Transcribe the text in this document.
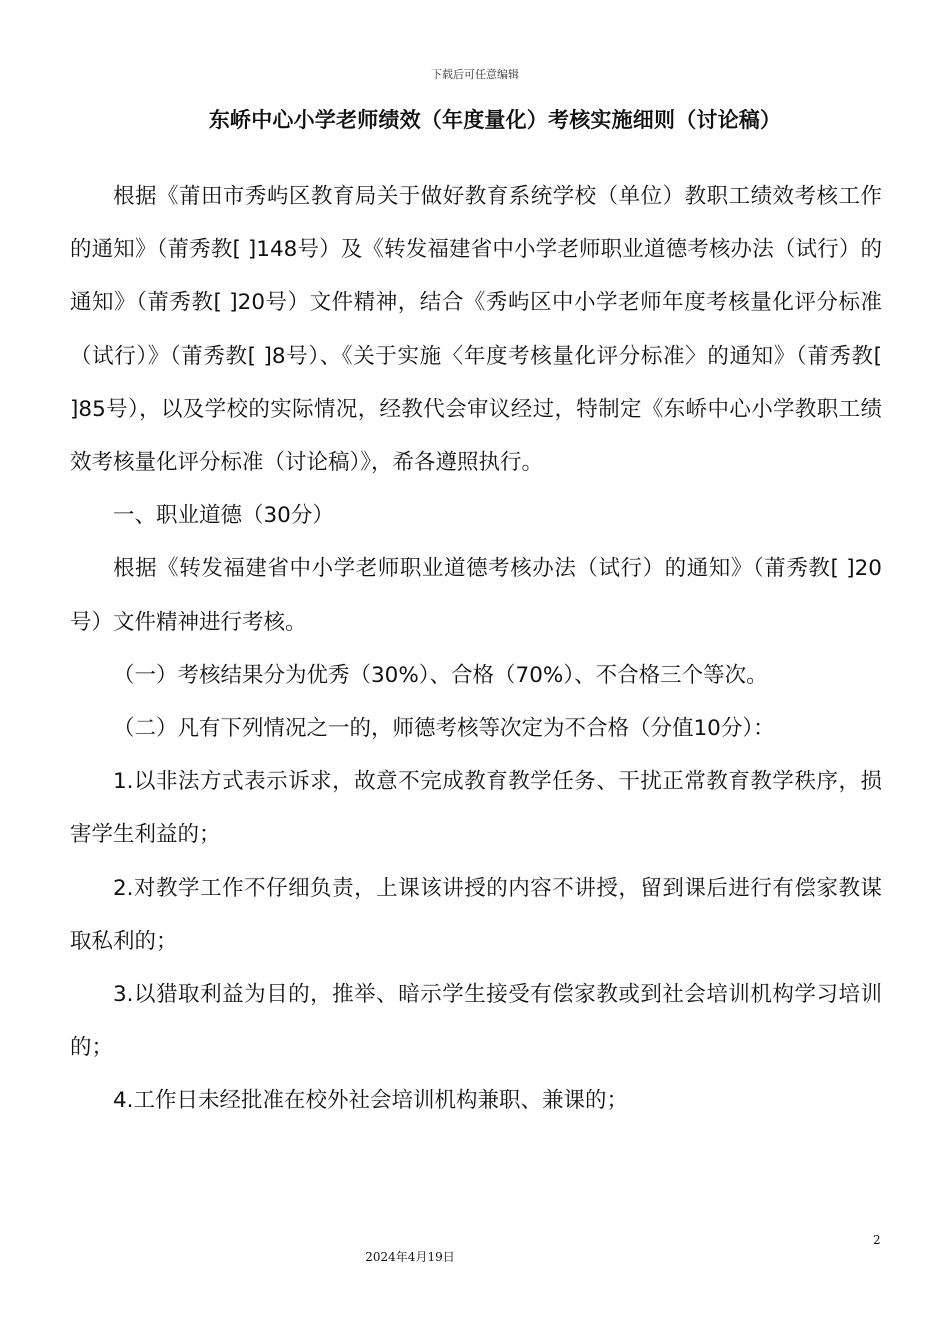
下载后可任意编辑
东峤中心小学老师绩效（年度量化）考核实施细则（讨论稿）

根据《莆田市秀屿区教育局关于做好教育系统学校（单位）教职工绩效考核工作的通知》（莆秀教[ ]148号）及《转发福建省中小学老师职业道德考核办法（试行）的通知》（莆秀教[ ]20号）文件精神，结合《秀屿区中小学老师年度考核量化评分标准（试行）》（莆秀教[ ]8号）、《关于实施〈年度考核量化评分标准〉的通知》（莆秀教[ ]85号），以及学校的实际情况，经教代会审议经过，特制定《东峤中心小学教职工绩效考核量化评分标准（讨论稿）》，希各遵照执行。

一、职业道德（30分）

根据《转发福建省中小学老师职业道德考核办法（试行）的通知》（莆秀教[ ]20号）文件精神进行考核。

（一）考核结果分为优秀（30%）、合格（70%）、不合格三个等次。

（二）凡有下列情况之一的，师德考核等次定为不合格（分值10分）：

1.以非法方式表示诉求，故意不完成教育教学任务、干扰正常教育教学秩序，损害学生利益的；

2.对教学工作不仔细负责，上课该讲授的内容不讲授，留到课后进行有偿家教谋取私利的；

3.以猎取利益为目的，推举、暗示学生接受有偿家教或到社会培训机构学习培训的；

4.工作日未经批准在校外社会培训机构兼职、兼课的；

2
2024年4月19日
